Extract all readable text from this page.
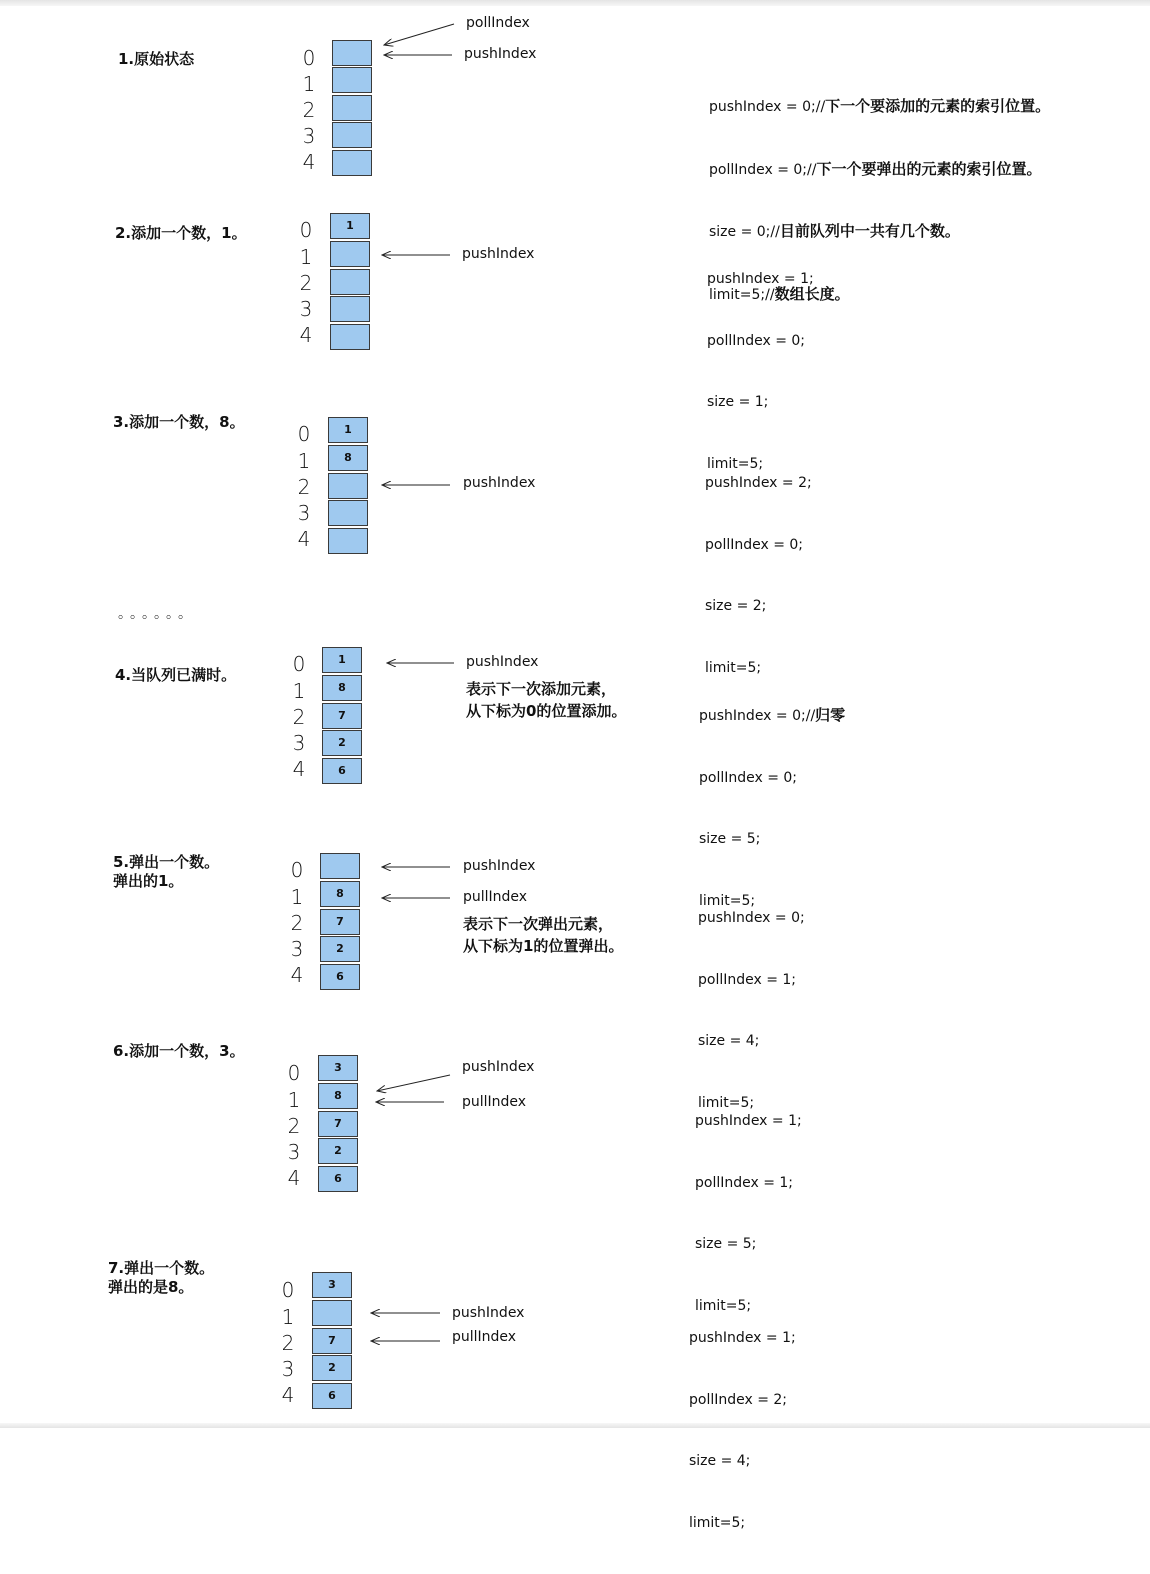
1.原始状态	0
1
2
3
4
pollIndex
pushIndex

pushIndex = 0;//下一个要添加的元素的索引位置。

pollIndex = 0;//下一个要弹出的元素的索引位置。

size = 0;//目前队列中一共有几个数。

limit=5;//数组长度。

2.添加一个数，1。	0
1
2
3
4
1
pushIndex

pushIndex = 1;

pollIndex = 0;

size = 1;

limit=5;

3.添加一个数，8。	0
1
2
3
4
1
8
pushIndex

	pushIndex = 2;

pollIndex = 0;

size = 2;

limit=5;

。。。。。。
4.当队列已满时。	0
1
2
3
4
1
8
7
2
6
pushIndex
表示下一次添加元素，
从下标为0的位置添加。

	pushIndex = 0;//归零

pollIndex = 0;

size = 5;

limit=5;

5.弹出一个数。
弹出的1。	0
1
2
3
4
8
7
2
6
pushIndex
pullIndex
表示下一次弹出元素，
从下标为1的位置弹出。

pushIndex = 0;

pollIndex = 1;

size = 4;

limit=5;

6.添加一个数，3。
0
1
2
3
4
3
8
7
2
6
pushIndex
pullIndex

pushIndex = 1;

pollIndex = 1;

size = 5;

limit=5;

7.弹出一个数。
弹出的是8。	0
1
2
3
4
3
7
2
6
pushIndex
pullIndex

	pushIndex = 1;

pollIndex = 2;

size = 4;

limit=5;
